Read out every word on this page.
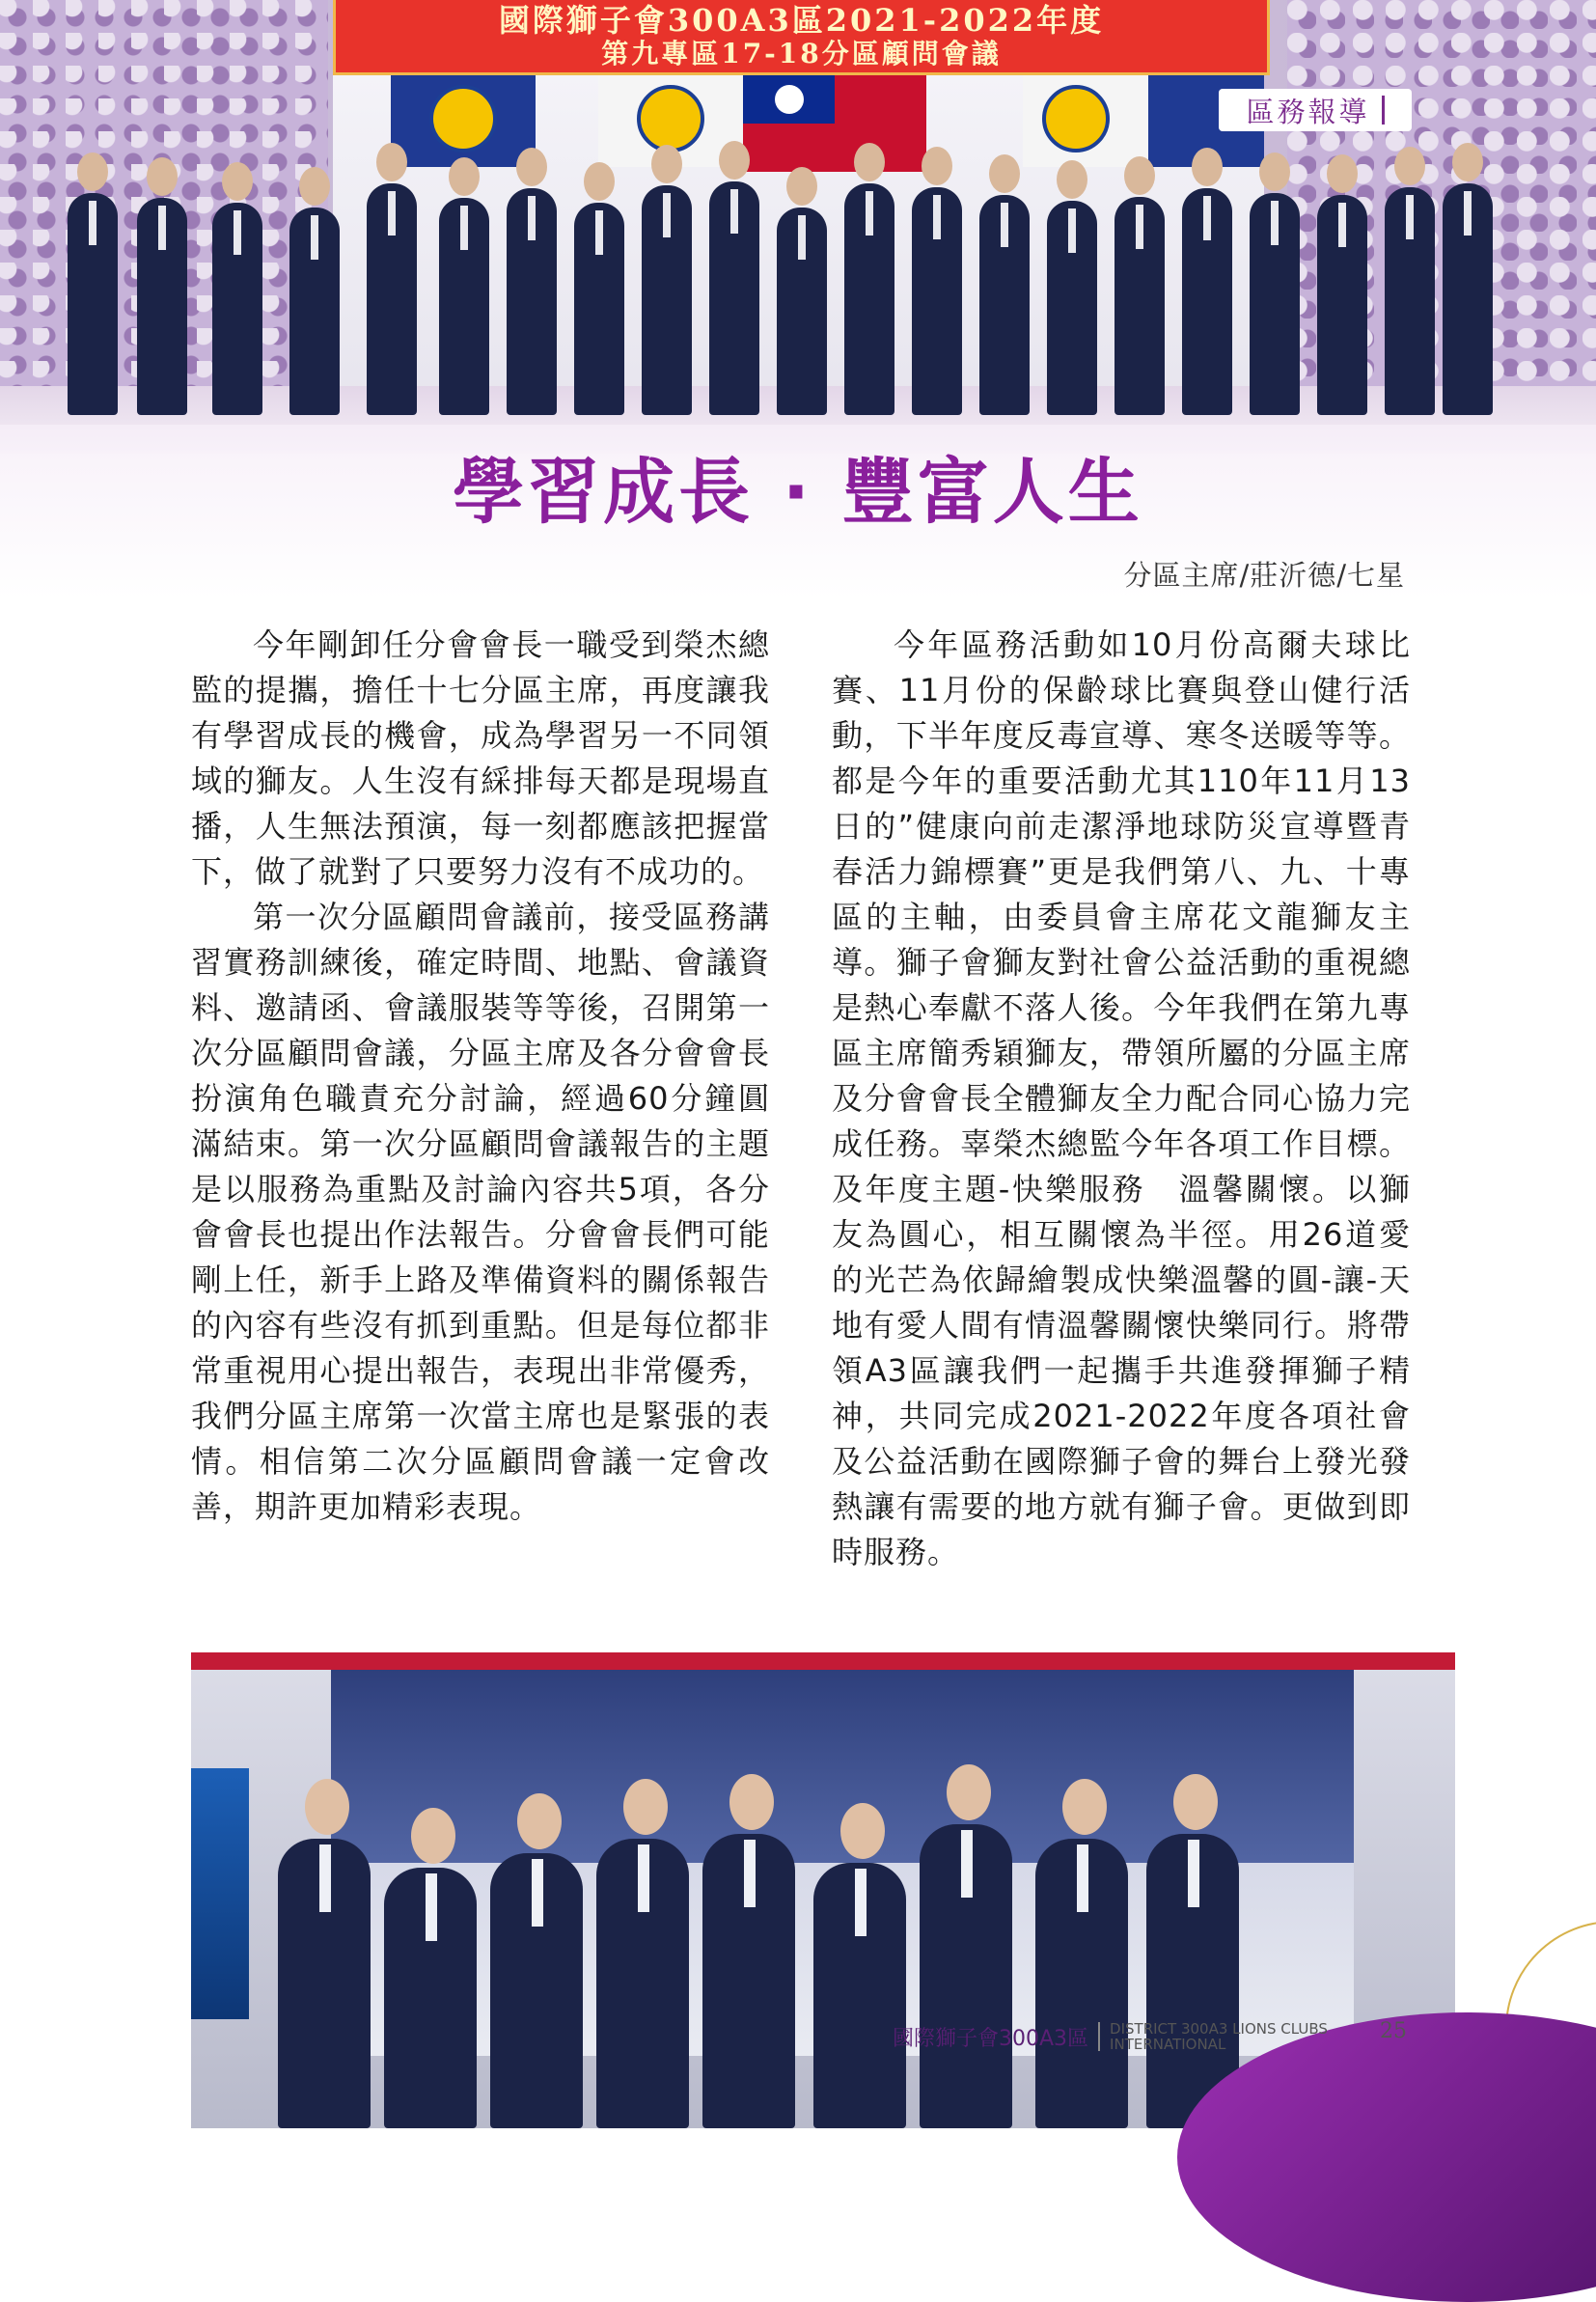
國際獅子會300A3區2021-2022年度
第九專區17-18分區顧問會議
區務報導
學習成長 · 豐富人生
分區主席/莊沂德/七星

今年剛卸任分會會長一職受到榮杰總監的提攜，擔任十七分區主席，再度讓我有學習成長的機會，成為學習另一不同領域的獅友。人生沒有綵排每天都是現場直播，人生無法預演，每一刻都應該把握當下，做了就對了只要努力沒有不成功的。

第一次分區顧問會議前，接受區務講習實務訓練後，確定時間、地點、會議資料、邀請函、會議服裝等等後，召開第一次分區顧問會議，分區主席及各分會會長扮演角色職責充分討論，經過60分鐘圓滿結束。第一次分區顧問會議報告的主題是以服務為重點及討論內容共5項，各分會會長也提出作法報告。分會會長們可能剛上任，新手上路及準備資料的關係報告的內容有些沒有抓到重點。但是每位都非常重視用心提出報告，表現出非常優秀，我們分區主席第一次當主席也是緊張的表情。相信第二次分區顧問會議一定會改善，期許更加精彩表現。

今年區務活動如10月份高爾夫球比賽、11月份的保齡球比賽與登山健行活動，下半年度反毒宣導、寒冬送暖等等。都是今年的重要活動尤其110年11月13日的”健康向前走潔淨地球防災宣導暨青春活力錦標賽”更是我們第八、九、十專區的主軸，由委員會主席花文龍獅友主導。獅子會獅友對社會公益活動的重視總是熱心奉獻不落人後。今年我們在第九專區主席簡秀穎獅友，帶領所屬的分區主席及分會會長全體獅友全力配合同心協力完成任務。辜榮杰總監今年各項工作目標。及年度主題-快樂服務　溫馨關懷。以獅友為圓心，相互關懷為半徑。用26道愛的光芒為依歸繪製成快樂溫馨的圓-讓-天地有愛人間有情溫馨關懷快樂同行。將帶領A3區讓我們一起攜手共進發揮獅子精神，共同完成2021-2022年度各項社會及公益活動在國際獅子會的舞台上發光發熱讓有需要的地方就有獅子會。更做到即時服務。

國際獅子會300A3區 DISTRICT 300A3 LIONS CLUBS
INTERNATIONAL
25
